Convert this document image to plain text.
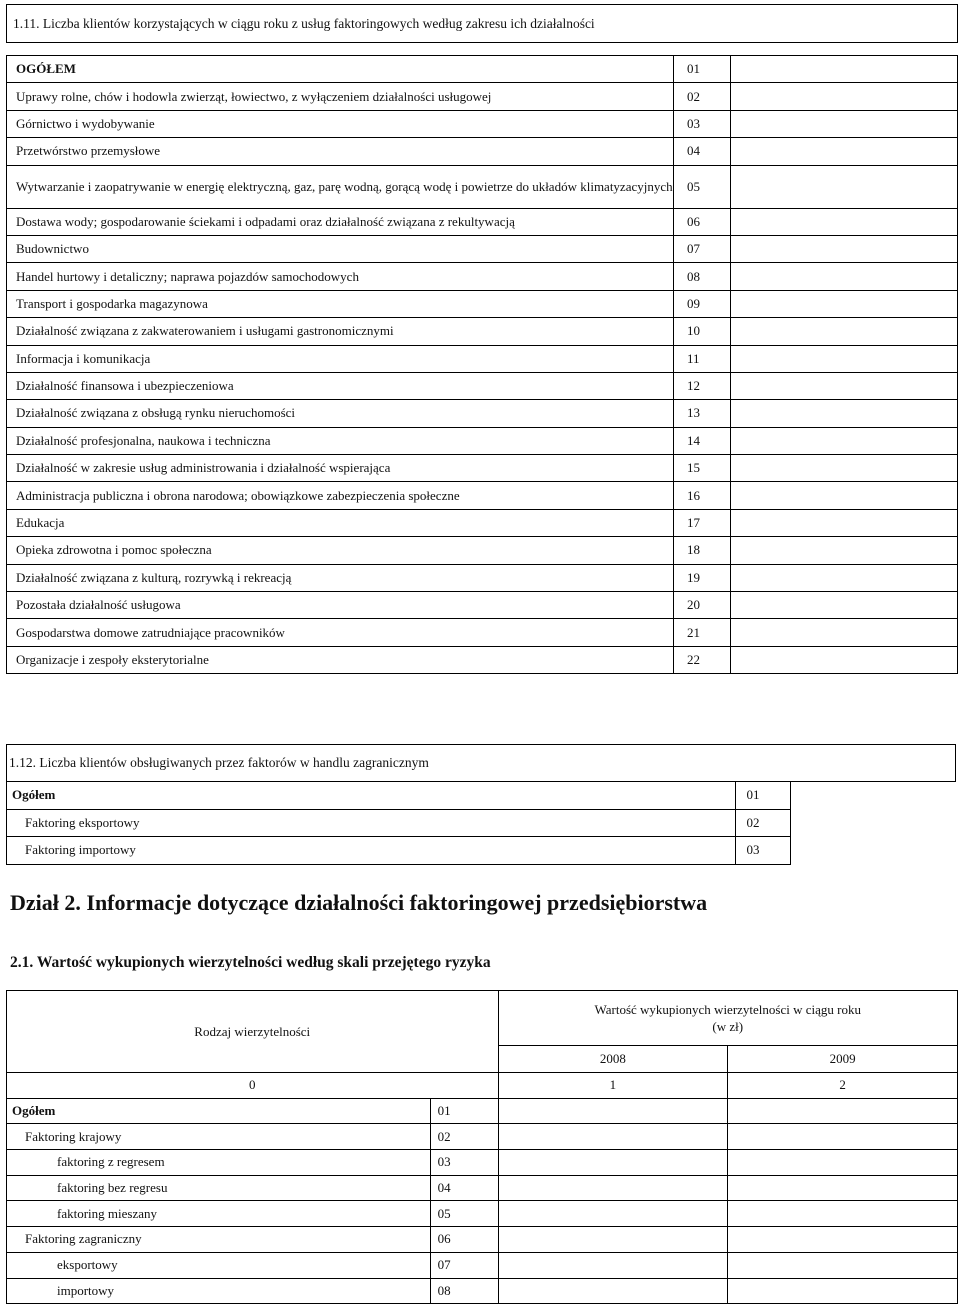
1.11. Liczba klientów korzystających w ciągu roku z usług faktoringowych według zakresu ich działalności		

OGÓŁEM	01	
Uprawy rolne, chów i hodowla zwierząt, łowiectwo, z wyłączeniem działalności usługowej	02	
Górnictwo i wydobywanie	03	
Przetwórstwo przemysłowe	04	
Wytwarzanie i zaopatrywanie w energię elektryczną, gaz, parę wodną, gorącą wodę i powietrze do układów klimatyzacyjnych	05	
Dostawa wody; gospodarowanie ściekami i odpadami oraz działalność związana z rekultywacją	06	
Budownictwo	07	
Handel hurtowy i detaliczny; naprawa pojazdów samochodowych	08	
Transport i gospodarka magazynowa	09	
Działalność związana z zakwaterowaniem i usługami gastronomicznymi	10	
Informacja i komunikacja	11	
Działalność finansowa i ubezpieczeniowa	12	
Działalność związana z obsługą rynku nieruchomości	13	
Działalność profesjonalna, naukowa i techniczna	14	
Działalność w zakresie usług administrowania i działalność wspierająca	15	
Administracja publiczna i obrona narodowa; obowiązkowe zabezpieczenia społeczne	16	
Edukacja	17	
Opieka zdrowotna i pomoc społeczna	18	
Działalność związana z kulturą, rozrywką i rekreacją	19	
Pozostała działalność usługowa	20	
Gospodarstwa domowe zatrudniające pracowników	21	
Organizacje i zespoły eksterytorialne	22	
1.12. Liczba klientów obsługiwanych przez faktorów w handlu zagranicznym		
Ogółem	01	
Faktoring eksportowy	02	
Faktoring importowy	03	
Dział 2. Informacje dotyczące działalności faktoringowej przedsiębiorstwa
2.1. Wartość wykupionych wierzytelności według skali przejętego ryzyka
Rodzaj wierzytelności		Wartość wykupionych wierzytelności w ciągu roku
(w zł)	
		2008	2009
0		1	2
Ogółem	01		
Faktoring krajowy	02		
faktoring z regresem	03		
faktoring bez regresu	04		
faktoring mieszany	05		
Faktoring zagraniczny	06		
eksportowy	07		
importowy	08		
